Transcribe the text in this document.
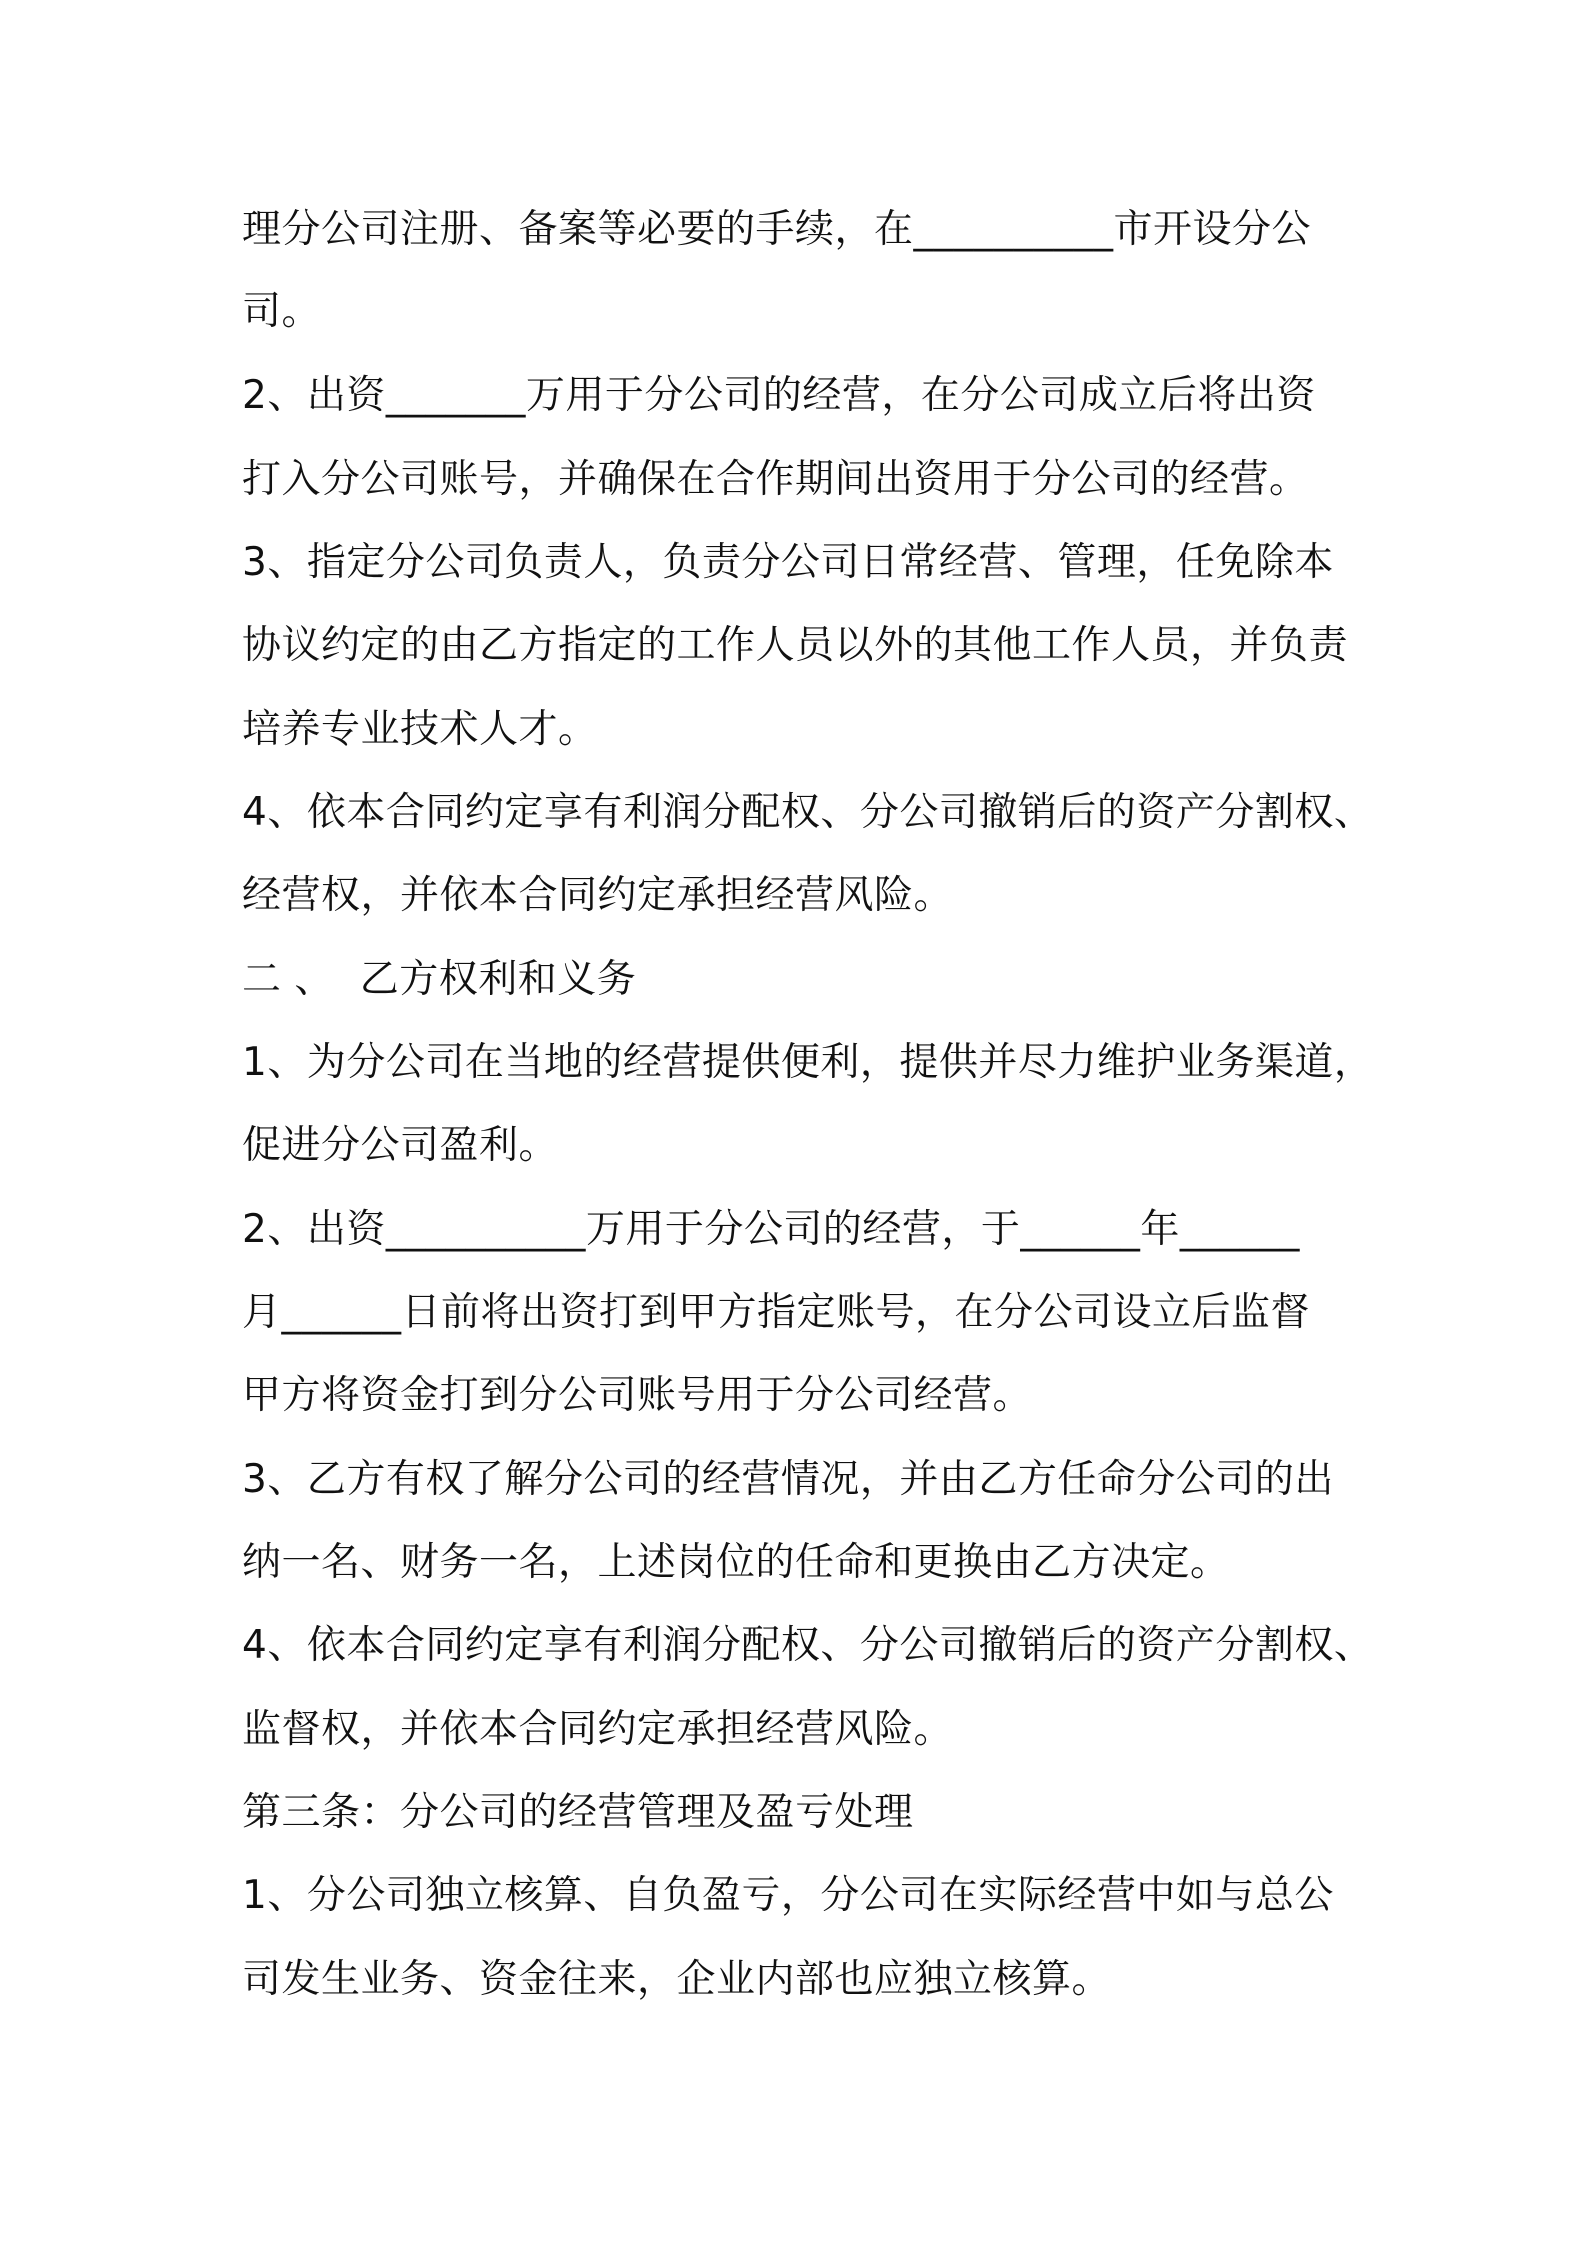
理分公司注册、备案等必要的手续，在__________市开设分公

司。

2、出资_______万用于分公司的经营，在分公司成立后将出资

打入分公司账号，并确保在合作期间出资用于分公司的经营。

3、指定分公司负责人，负责分公司日常经营、管理，任免除本

协议约定的由乙方指定的工作人员以外的其他工作人员，并负责

培养专业技术人才。

4、依本合同约定享有利润分配权、分公司撤销后的资产分割权、

经营权，并依本合同约定承担经营风险。

二 、  乙方权利和义务

1、为分公司在当地的经营提供便利，提供并尽力维护业务渠道，

促进分公司盈利。

2、出资__________万用于分公司的经营，于______年______

月______日前将出资打到甲方指定账号，在分公司设立后监督

甲方将资金打到分公司账号用于分公司经营。

3、乙方有权了解分公司的经营情况，并由乙方任命分公司的出

纳一名、财务一名，上述岗位的任命和更换由乙方决定。

4、依本合同约定享有利润分配权、分公司撤销后的资产分割权、

监督权，并依本合同约定承担经营风险。

第三条：分公司的经营管理及盈亏处理

1、分公司独立核算、自负盈亏，分公司在实际经营中如与总公

司发生业务、资金往来，企业内部也应独立核算。
